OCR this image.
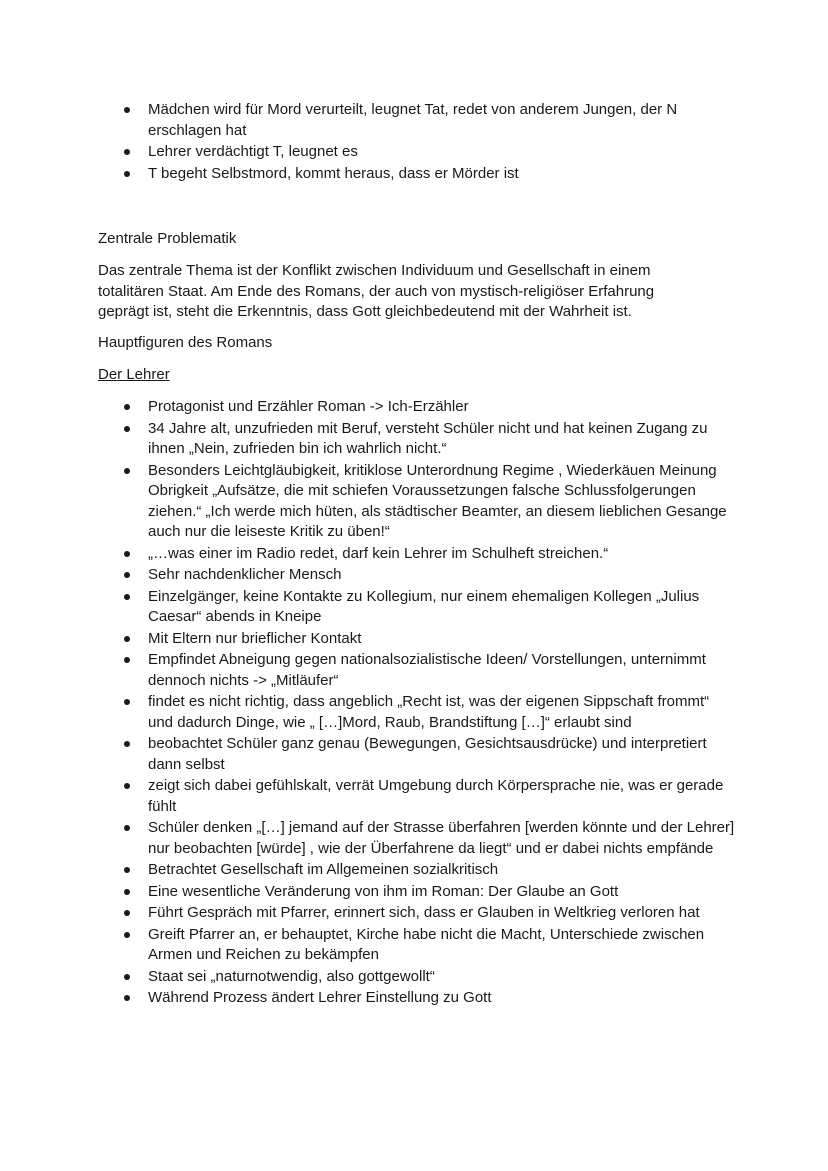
Mädchen wird für Mord verurteilt, leugnet Tat, redet von anderem Jungen, der N erschlagen hat
Lehrer verdächtigt T, leugnet es
T begeht Selbstmord, kommt heraus, dass er Mörder ist
Zentrale Problematik
Das zentrale Thema ist der Konflikt zwischen Individuum und Gesellschaft in einem totalitären Staat. Am Ende des Romans, der auch von mystisch-religiöser Erfahrung geprägt ist, steht die Erkenntnis, dass Gott gleichbedeutend mit der Wahrheit ist.
Hauptfiguren des Romans
Der Lehrer
Protagonist und Erzähler Roman -> Ich-Erzähler
34 Jahre alt, unzufrieden mit Beruf, versteht Schüler nicht und hat keinen Zugang zu ihnen „Nein, zufrieden bin ich wahrlich nicht.“
Besonders Leichtgläubigkeit, kritiklose Unterordnung Regime , Wiederkäuen Meinung Obrigkeit „Aufsätze, die mit schiefen Voraussetzungen falsche Schlussfolgerungen ziehen.“ „Ich werde mich hüten, als städtischer Beamter, an diesem lieblichen Gesange auch nur die leiseste Kritik zu üben!“
„…was einer im Radio redet, darf kein Lehrer im Schulheft streichen.“
Sehr nachdenklicher Mensch
Einzelgänger, keine Kontakte zu Kollegium, nur einem ehemaligen Kollegen „Julius Caesar“ abends in Kneipe
Mit Eltern nur brieflicher Kontakt
Empfindet Abneigung gegen nationalsozialistische Ideen/ Vorstellungen, unternimmt dennoch nichts -> „Mitläufer“
findet es nicht richtig, dass angeblich „Recht ist, was der eigenen Sippschaft frommt“ und dadurch Dinge, wie „ […]Mord, Raub, Brandstiftung […]“ erlaubt sind
beobachtet Schüler ganz genau (Bewegungen, Gesichtsausdrücke) und interpretiert dann selbst
zeigt sich dabei gefühlskalt, verrät Umgebung durch Körpersprache nie, was er gerade fühlt
Schüler denken „[…] jemand auf der Strasse überfahren [werden könnte und der Lehrer] nur beobachten [würde] , wie der Überfahrene da liegt“ und er dabei nichts empfände
Betrachtet Gesellschaft im Allgemeinen sozialkritisch
Eine wesentliche Veränderung von ihm im Roman: Der Glaube an Gott
Führt Gespräch mit Pfarrer, erinnert sich, dass er Glauben in Weltkrieg verloren hat
Greift Pfarrer an, er behauptet, Kirche habe nicht die Macht, Unterschiede zwischen Armen und Reichen zu bekämpfen
Staat sei „naturnotwendig, also gottgewollt“
Während Prozess ändert Lehrer Einstellung zu Gott
